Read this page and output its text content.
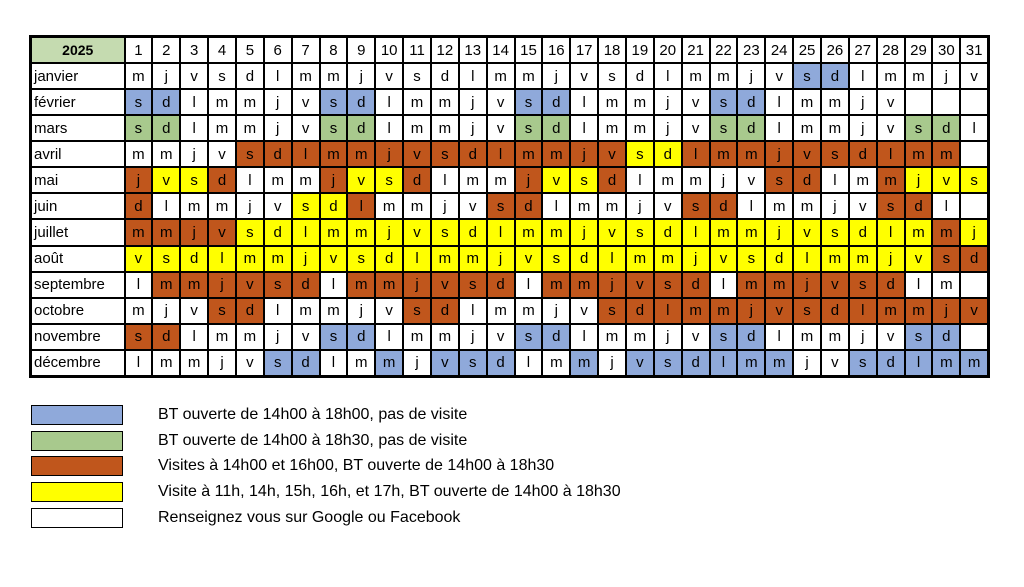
2025	1	2	3	4	5	6	7	8	9	10	11	12	13	14	15	16	17	18	19	20	21	22	23	24	25	26	27	28	29	30	31
janvier	m	j	v	s	d	l	m	m	j	v	s	d	l	m	m	j	v	s	d	l	m	m	j	v	s	d	l	m	m	j	v
février	s	d	l	m	m	j	v	s	d	l	m	m	j	v	s	d	l	m	m	j	v	s	d	l	m	m	j	v			
mars	s	d	l	m	m	j	v	s	d	l	m	m	j	v	s	d	l	m	m	j	v	s	d	l	m	m	j	v	s	d	l
avril	m	m	j	v	s	d	l	m	m	j	v	s	d	l	m	m	j	v	s	d	l	m	m	j	v	s	d	l	m	m	
mai	j	v	s	d	l	m	m	j	v	s	d	l	m	m	j	v	s	d	l	m	m	j	v	s	d	l	m	m	j	v	s
juin	d	l	m	m	j	v	s	d	l	m	m	j	v	s	d	l	m	m	j	v	s	d	l	m	m	j	v	s	d	l	
juillet	m	m	j	v	s	d	l	m	m	j	v	s	d	l	m	m	j	v	s	d	l	m	m	j	v	s	d	l	m	m	j
août	v	s	d	l	m	m	j	v	s	d	l	m	m	j	v	s	d	l	m	m	j	v	s	d	l	m	m	j	v	s	d
septembre	l	m	m	j	v	s	d	l	m	m	j	v	s	d	l	m	m	j	v	s	d	l	m	m	j	v	s	d	l	m	
octobre	m	j	v	s	d	l	m	m	j	v	s	d	l	m	m	j	v	s	d	l	m	m	j	v	s	d	l	m	m	j	v
novembre	s	d	l	m	m	j	v	s	d	l	m	m	j	v	s	d	l	m	m	j	v	s	d	l	m	m	j	v	s	d	
décembre	l	m	m	j	v	s	d	l	m	m	j	v	s	d	l	m	m	j	v	s	d	l	m	m	j	v	s	d	l	m	m
BT ouverte de 14h00 à 18h00, pas de visite
BT ouverte de 14h00 à 18h30, pas de visite
Visites à 14h00 et 16h00, BT ouverte de 14h00 à 18h30
Visite à 11h, 14h, 15h, 16h, et 17h, BT ouverte de 14h00 à 18h30
Renseignez vous sur Google ou Facebook
